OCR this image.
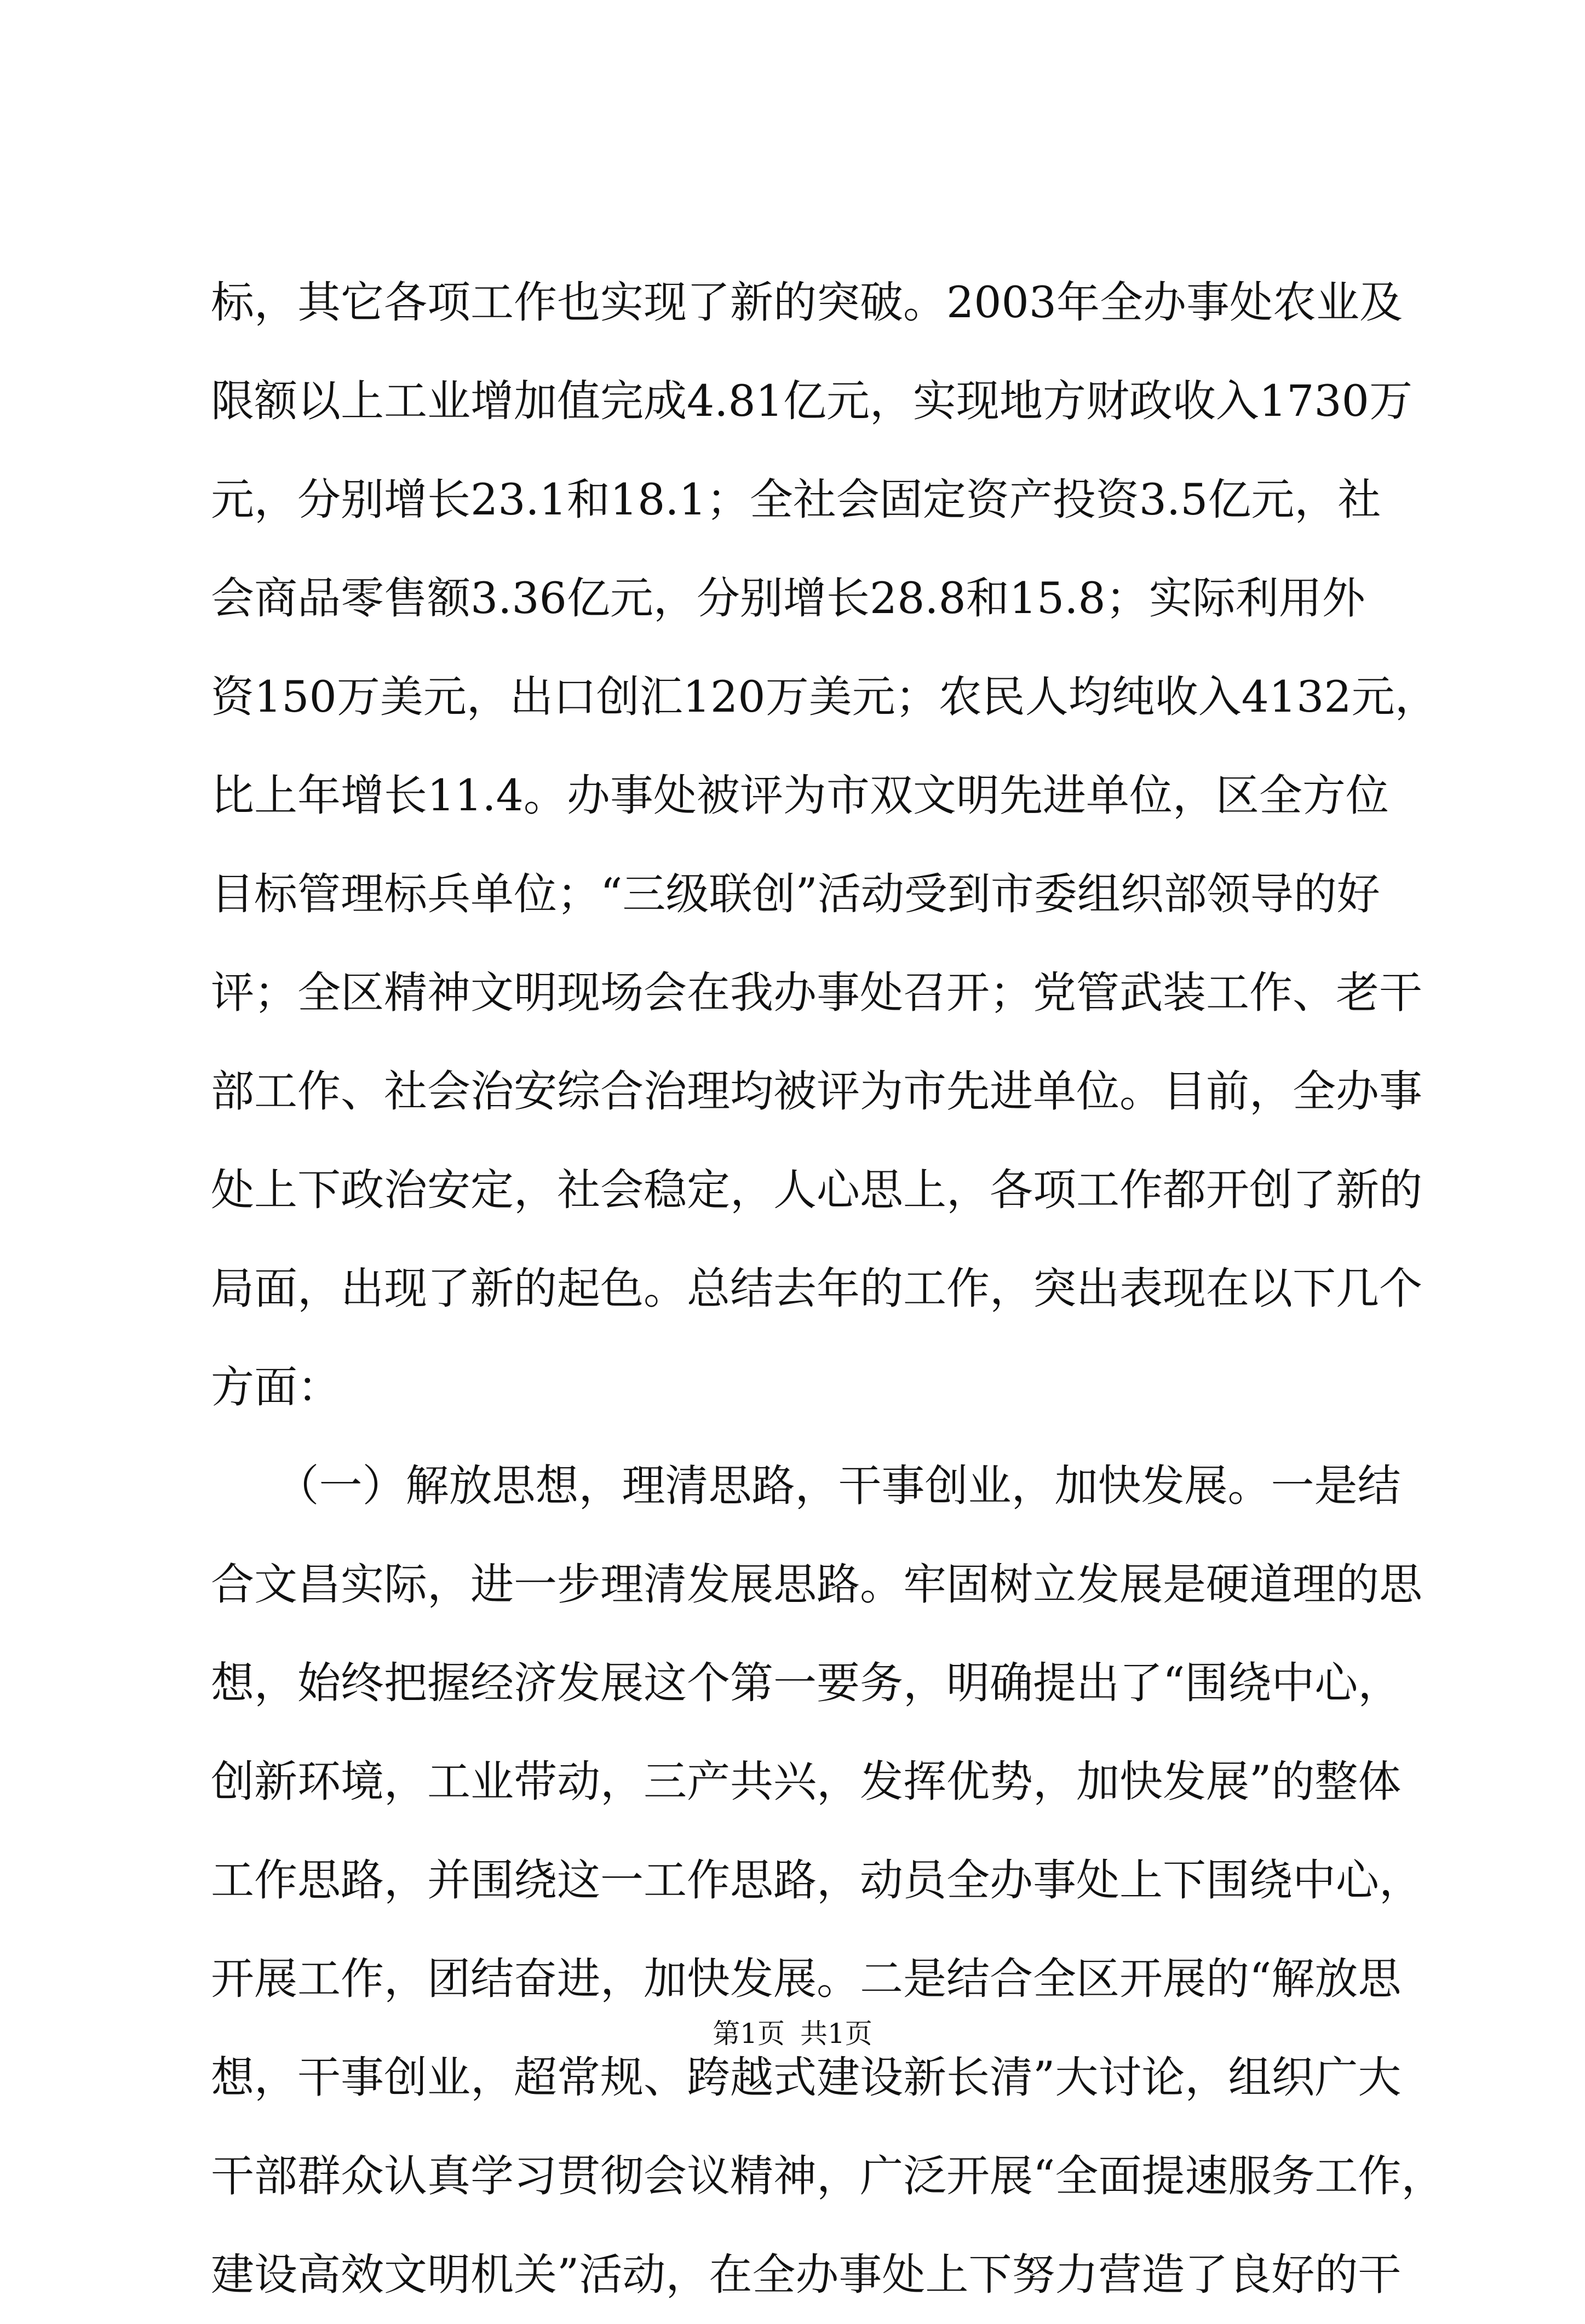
标，其它各项工作也实现了新的突破。2003年全办事处农业及
限额以上工业增加值完成4.81亿元，实现地方财政收入1730万
元，分别增长23.1和18.1；全社会固定资产投资3.5亿元，社
会商品零售额3.36亿元，分别增长28.8和15.8；实际利用外
资150万美元，出口创汇120万美元；农民人均纯收入4132元，
比上年增长11.4。办事处被评为市双文明先进单位，区全方位
目标管理标兵单位；“三级联创”活动受到市委组织部领导的好
评；全区精神文明现场会在我办事处召开；党管武装工作、老干
部工作、社会治安综合治理均被评为市先进单位。目前，全办事
处上下政治安定，社会稳定，人心思上，各项工作都开创了新的
局面，出现了新的起色。总结去年的工作，突出表现在以下几个
方面：
　　（一）解放思想，理清思路，干事创业，加快发展。一是结
合文昌实际，进一步理清发展思路。牢固树立发展是硬道理的思
想，始终把握经济发展这个第一要务，明确提出了“围绕中心，
创新环境，工业带动，三产共兴，发挥优势，加快发展”的整体
工作思路，并围绕这一工作思路，动员全办事处上下围绕中心，
开展工作，团结奋进，加快发展。二是结合全区开展的“解放思
想，干事创业，超常规、跨越式建设新长清”大讨论，组织广大
干部群众认真学习贯彻会议精神，广泛开展“全面提速服务工作，
建设高效文明机关”活动，在全办事处上下努力营造了良好的干
第1页 共1页
